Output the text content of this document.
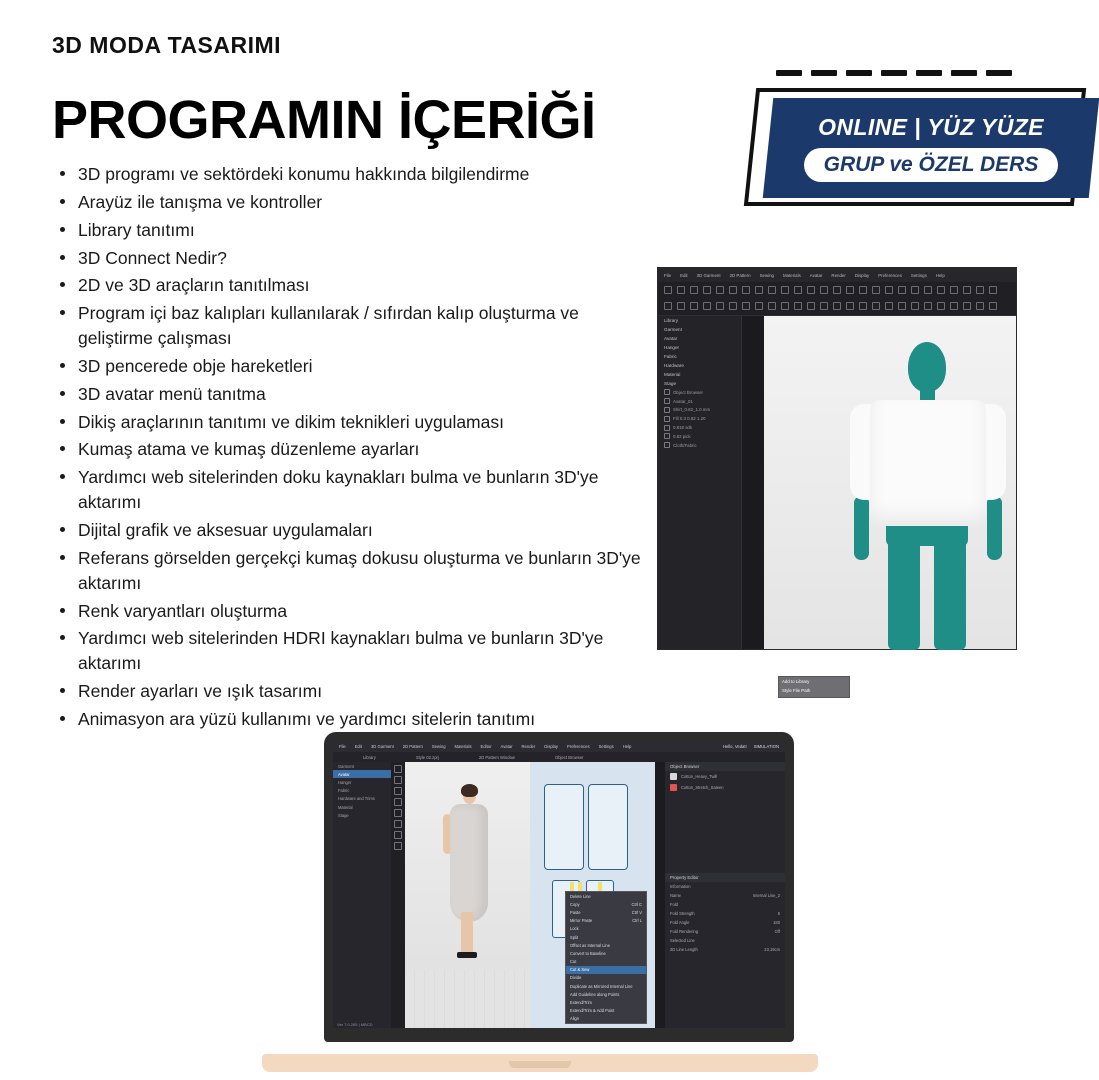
3D MODA TASARIMI
PROGRAMIN İÇERİĞİ	ONLINE | YÜZ YÜZE
GRUP ve ÖZEL DERS
3D programı ve sektördeki konumu hakkında bilgilendirme
Arayüz ile tanışma ve kontroller
Library tanıtımı
3D Connect Nedir?
2D ve 3D araçların tanıtılması
Program içi baz kalıpları kullanılarak / sıfırdan kalıp oluşturma ve geliştirme çalışması
3D pencerede obje hareketleri
3D avatar menü tanıtma
Dikiş araçlarının tanıtımı ve dikim teknikleri uygulaması
Kumaş atama ve kumaş düzenleme ayarları
Yardımcı web sitelerinden doku kaynakları bulma ve bunların 3D'ye aktarımı
Dijital grafik ve aksesuar uygulamaları
Referans görselden gerçekçi kumaş dokusu oluşturma ve bunların 3D'ye aktarımı
Renk varyantları oluşturma
Yardımcı web sitelerinden HDRI kaynakları bulma ve bunların 3D'ye aktarımı
Render ayarları ve ışık tasarımı
Animasyon ara yüzü kullanımı ve yardımcı sitelerin tanıtımı
File Edit 3D Garment 2D Pattern Sewing Materials Avatar Render Display Preferences Settings Help
Library
Garment
Avatar
Hanger
Fabric
Hardware
Material
Stage
Object Browser
Avatar_01
Shirt_0.82_1.0.mm
Fill 0.3 0.82 1.20
0.818 sdk
0.82 pick
Cloth/Fabric
Add to Library
Style File Path
File Edit 3D Garment 2D Pattern Sewing Materials Editor Avatar Render Display Preferences Settings Help	Hello, Vedat! SIMULATION
Library	Style 02.zprj	2D Pattern Window	Object Browser
Garment
Avatar
Hanger
Fabric
Hardware and Trims
Material
Stage
Delete Line
Copy	Ctrl C
Paste	Ctrl V
Mirror Paste	Ctrl L
Lock
Split
Offset as Internal Line
Convert to Baseline
Cut
Cut & Sew
Divide
Duplicate as Mirrored Internal Line
Add Guideline along Points
Extend/Trim
Extend/Trim & Add Point
Align
Object Browser
Cotton_Heavy_Twill
Cotton_Stretch_Sateen
Property Editor
Information
Name	Internal Line_2
Fold
Fold Strength	5
Fold Angle	180
Fold Rendering	Off
Selected Line
2D Line Length	23.19cm
Ver 7.0.285 | MBCD
